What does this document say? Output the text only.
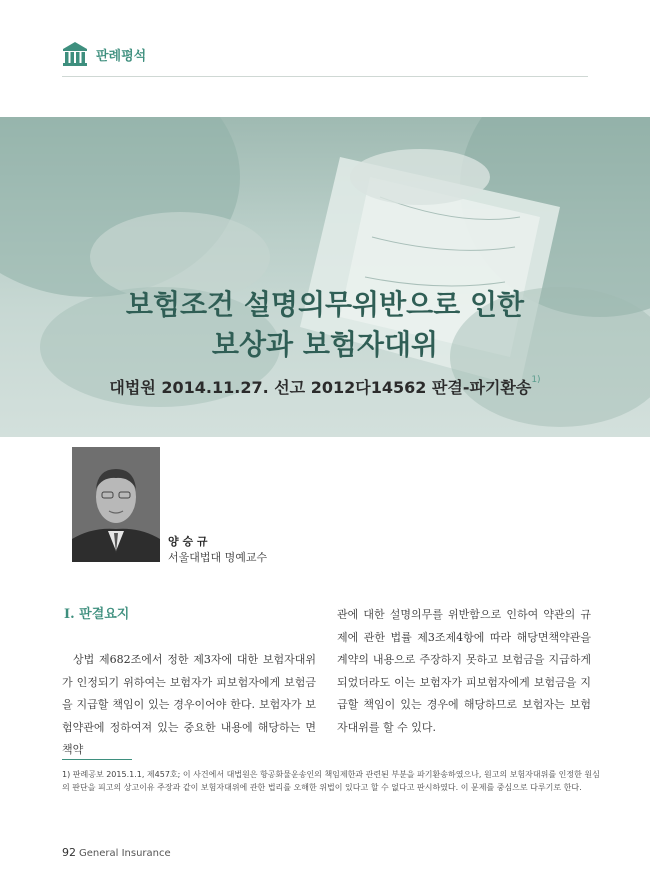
판례평석
보험조건 설명의무위반으로 인한
보상과 보험자대위
대법원 2014.11.27. 선고 2012다14562 판결-파기환송$^{1)}$
양 승 규
서울대법대 명예교수
Ⅰ. 판결요지

상법 제682조에서 정한 제3자에 대한 보험자대위가 인정되기 위하여는 보험자가 피보험자에게 보험금을 지급할 책임이 있는 경우이어야 한다. 보험자가 보험약관에 정하여져 있는 중요한 내용에 해당하는 면책약

관에 대한 설명의무를 위반함으로 인하여 약관의 규제에 관한 법률 제3조제4항에 따라 해당면책약관을 계약의 내용으로 주장하지 못하고 보험금을 지급하게 되었더라도 이는 보험자가 피보험자에게 보험금을 지급할 책임이 있는 경우에 해당하므로 보험자는 보험자대위를 할 수 있다.

1) 판례공보 2015.1.1, 제457호; 이 사건에서 대법원은 항공화물운송인의 책임제한과 관련된 부분을 파기환송하였으나, 원고의 보험자대위를 인정한 원심의 판단을 피고의 상고이유 주장과 같이 보험자대위에 관한 법리를 오해한 위법이 있다고 할 수 없다고 판시하였다. 이 문제를 중심으로 다루기로 한다.
92 General Insurance
